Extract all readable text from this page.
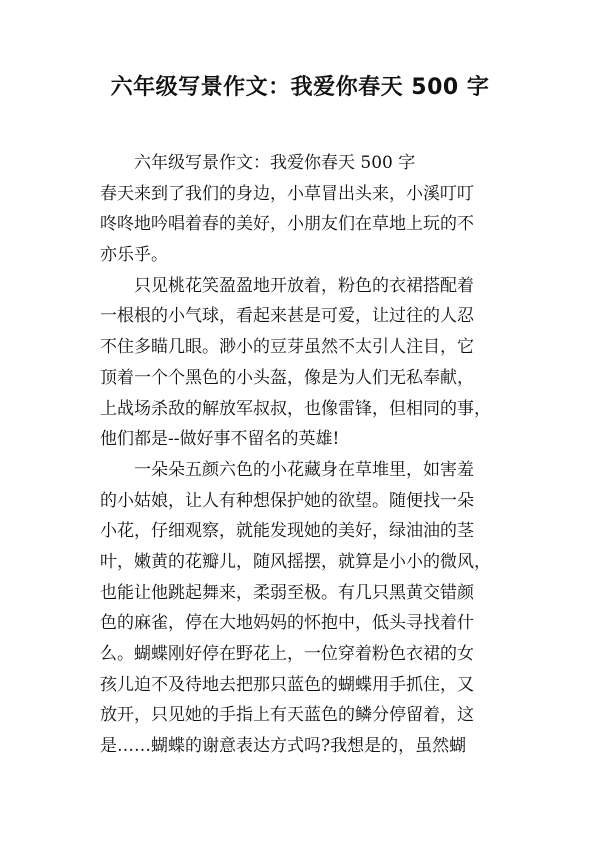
六年级写景作文：我爱你春天 500 字
六年级写景作文：我爱你春天 500 字
春天来到了我们的身边，小草冒出头来，小溪叮叮
咚咚地吟唱着春的美好，小朋友们在草地上玩的不
亦乐乎。
只见桃花笑盈盈地开放着，粉色的衣裙搭配着
一根根的小气球，看起来甚是可爱，让过往的人忍
不住多瞄几眼。渺小的豆芽虽然不太引人注目，它
顶着一个个黑色的小头盔，像是为人们无私奉献，
上战场杀敌的解放军叔叔，也像雷锋，但相同的事，
他们都是--做好事不留名的英雄!
一朵朵五颜六色的小花藏身在草堆里，如害羞
的小姑娘，让人有种想保护她的欲望。随便找一朵
小花，仔细观察，就能发现她的美好，绿油油的茎
叶，嫩黄的花瓣儿，随风摇摆，就算是小小的微风，
也能让他跳起舞来，柔弱至极。有几只黑黄交错颜
色的麻雀，停在大地妈妈的怀抱中，低头寻找着什
么。蝴蝶刚好停在野花上，一位穿着粉色衣裙的女
孩儿迫不及待地去把那只蓝色的蝴蝶用手抓住，又
放开，只见她的手指上有天蓝色的鳞分停留着，这
是……蝴蝶的谢意表达方式吗?我想是的，虽然蝴
